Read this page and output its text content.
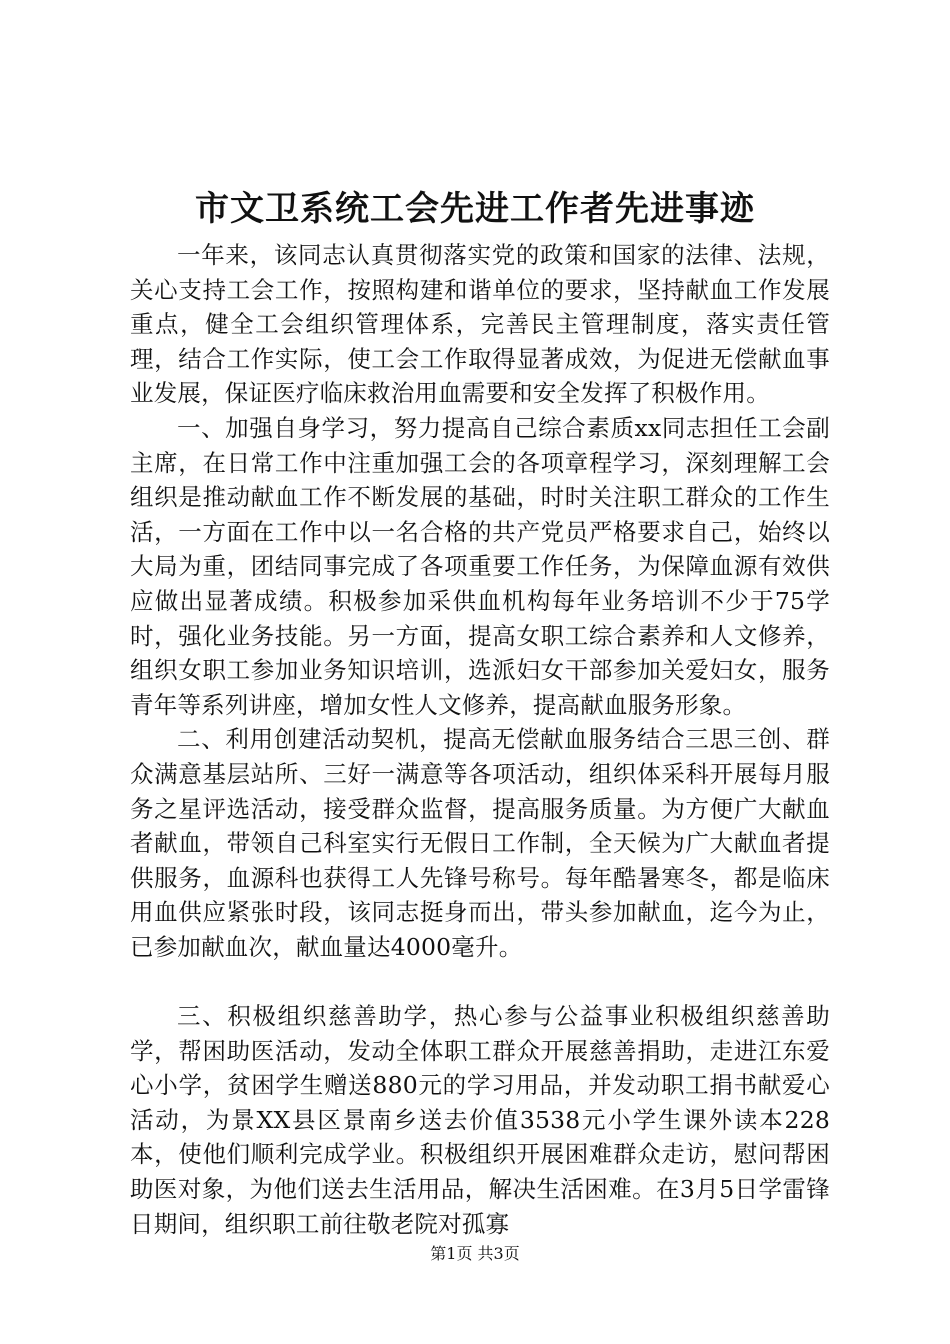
市文卫系统工会先进工作者先进事迹

一年来，该同志认真贯彻落实党的政策和国家的法律、法规，关心支持工会工作，按照构建和谐单位的要求，坚持献血工作发展重点，健全工会组织管理体系，完善民主管理制度，落实责任管理，结合工作实际，使工会工作取得显著成效，为促进无偿献血事业发展，保证医疗临床救治用血需要和安全发挥了积极作用。

一、加强自身学习，努力提高自己综合素质xx同志担任工会副主席，在日常工作中注重加强工会的各项章程学习，深刻理解工会组织是推动献血工作不断发展的基础，时时关注职工群众的工作生活，一方面在工作中以一名合格的共产党员严格要求自己，始终以大局为重，团结同事完成了各项重要工作任务，为保障血源有效供应做出显著成绩。积极参加采供血机构每年业务培训不少于75学时，强化业务技能。另一方面，提高女职工综合素养和人文修养，组织女职工参加业务知识培训，选派妇女干部参加关爱妇女，服务青年等系列讲座，增加女性人文修养，提高献血服务形象。

二、利用创建活动契机，提高无偿献血服务结合三思三创、群众满意基层站所、三好一满意等各项活动，组织体采科开展每月服务之星评选活动，接受群众监督，提高服务质量。为方便广大献血者献血，带领自己科室实行无假日工作制，全天候为广大献血者提供服务，血源科也获得工人先锋号称号。每年酷暑寒冬，都是临床用血供应紧张时段，该同志挺身而出，带头参加献血，迄今为止，已参加献血次，献血量达4000毫升。

三、积极组织慈善助学，热心参与公益事业积极组织慈善助学，帮困助医活动，发动全体职工群众开展慈善捐助，走进江东爱心小学，贫困学生赠送880元的学习用品，并发动职工捐书献爱心活动，为景XX县区景南乡送去价值3538元小学生课外读本228本，使他们顺利完成学业。积极组织开展困难群众走访，慰问帮困助医对象，为他们送去生活用品，解决生活困难。在3月5日学雷锋日期间，组织职工前往敬老院对孤寡

第1页 共3页
